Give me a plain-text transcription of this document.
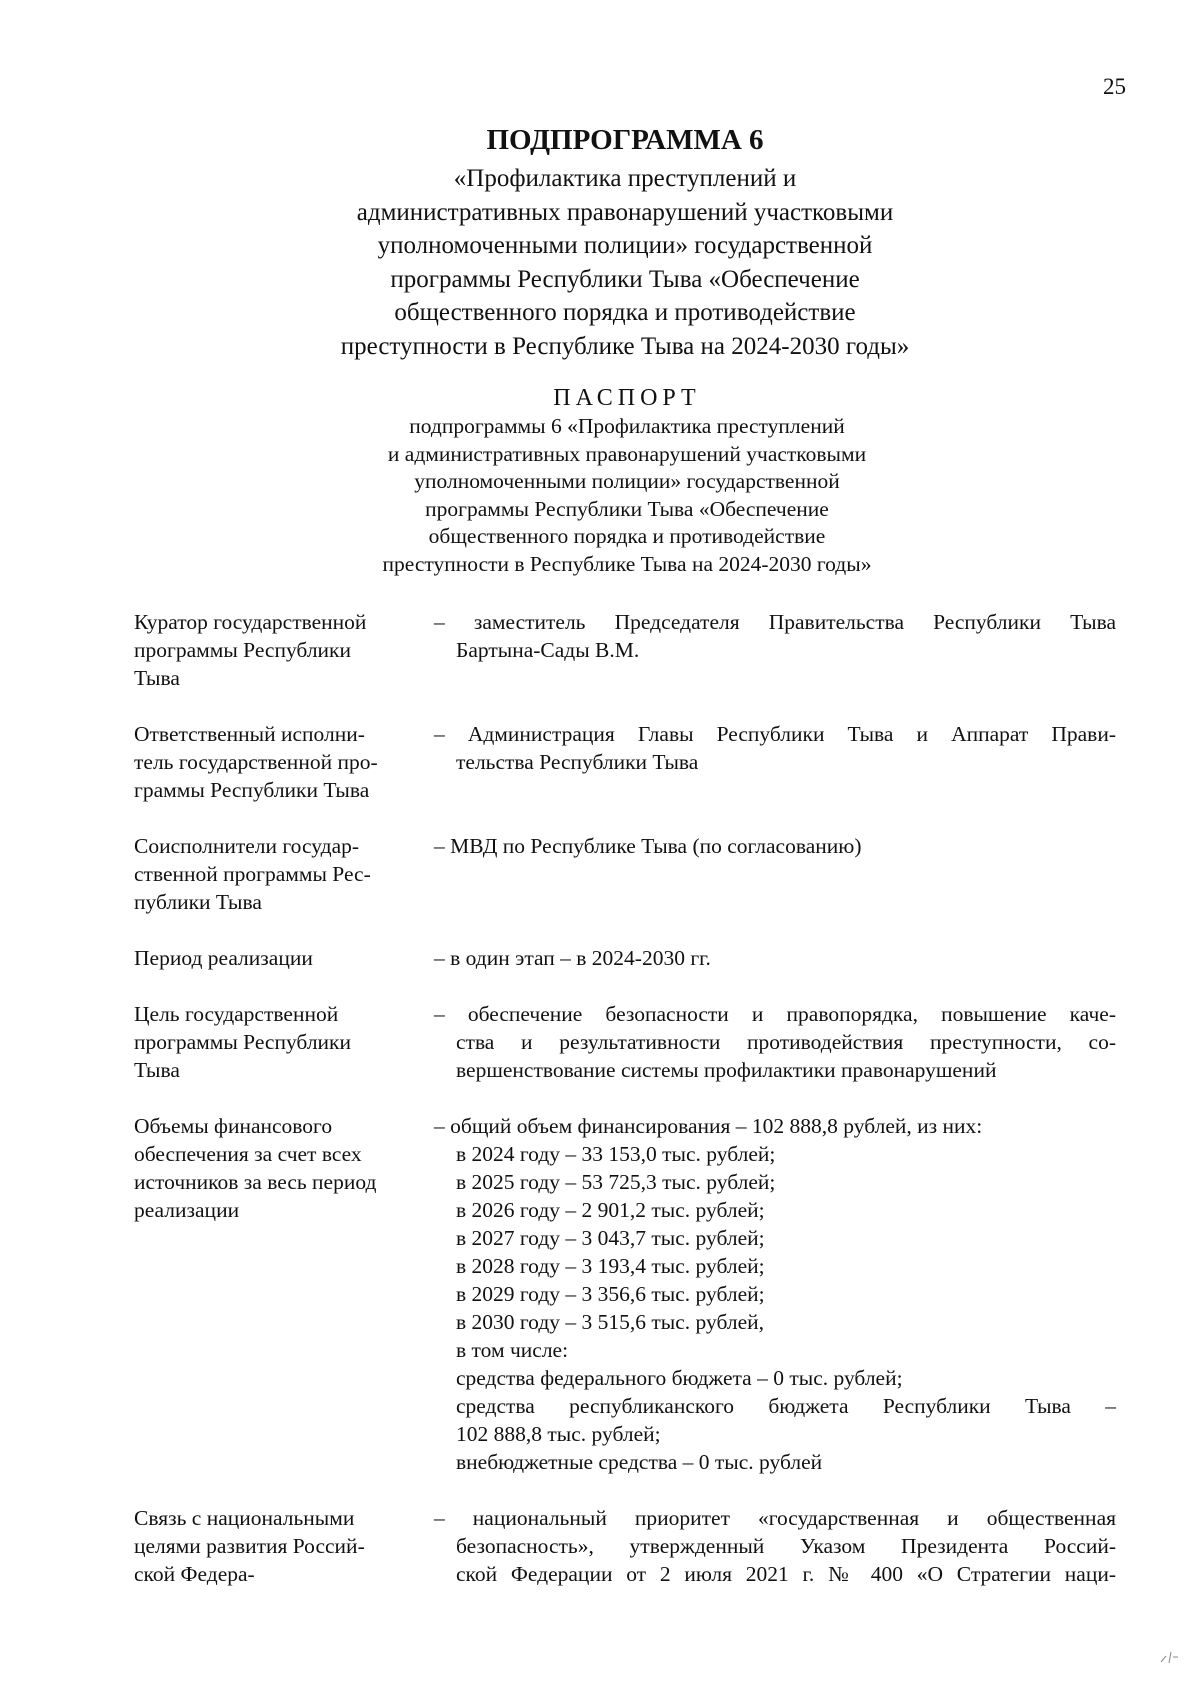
25
ПОДПРОГРАММА 6
«Профилактика преступлений и
административных правонарушений участковыми
уполномоченными полиции» государственной
программы Республики Тыва «Обеспечение
общественного порядка и противодействие
преступности в Республике Тыва на 2024-2030 годы»
ПАСПОРТ
подпрограммы 6 «Профилактика преступлений
и административных правонарушений участковыми
уполномоченными полиции» государственной
программы Республики Тыва «Обеспечение
общественного порядка и противодействие
преступности в Республике Тыва на 2024-2030 годы»
Куратор государственной
программы Республики
Тыва
– заместитель Председателя Правительства Республики Тыва
Бартына-Сады В.М.
Ответственный исполни-
тель государственной про-
граммы Республики Тыва
– Администрация Главы Республики Тыва и Аппарат Прави-
тельства Республики Тыва
Соисполнители государ-
ственной программы Рес-
публики Тыва
– МВД по Республике Тыва (по согласованию)
Период реализации	– в один этап – в 2024-2030 гг.
Цель государственной
программы Республики
Тыва
– обеспечение безопасности и правопорядка, повышение каче-
ства и результативности противодействия преступности, со-
вершенствование системы профилактики правонарушений
Объемы финансового
обеспечения за счет всех
источников за весь период
реализации
– общий объем финансирования – 102 888,8 рублей, из них:
в 2024 году – 33 153,0 тыс. рублей;
в 2025 году – 53 725,3 тыс. рублей;
в 2026 году – 2 901,2 тыс. рублей;
в 2027 году – 3 043,7 тыс. рублей;
в 2028 году – 3 193,4 тыс. рублей;
в 2029 году – 3 356,6 тыс. рублей;
в 2030 году – 3 515,6 тыс. рублей,
в том числе:
средства федерального бюджета – 0 тыс. рублей;
средства республиканского бюджета Республики Тыва –
102 888,8 тыс. рублей;
внебюджетные средства – 0 тыс. рублей
Связь с национальными
целями развития Россий-
ской Федера-
– национальный приоритет «государственная и общественная
безопасность», утвержденный Указом Президента Россий-
ской Федерации от 2 июля 2021 г. № 400 «О Стратегии наци-
